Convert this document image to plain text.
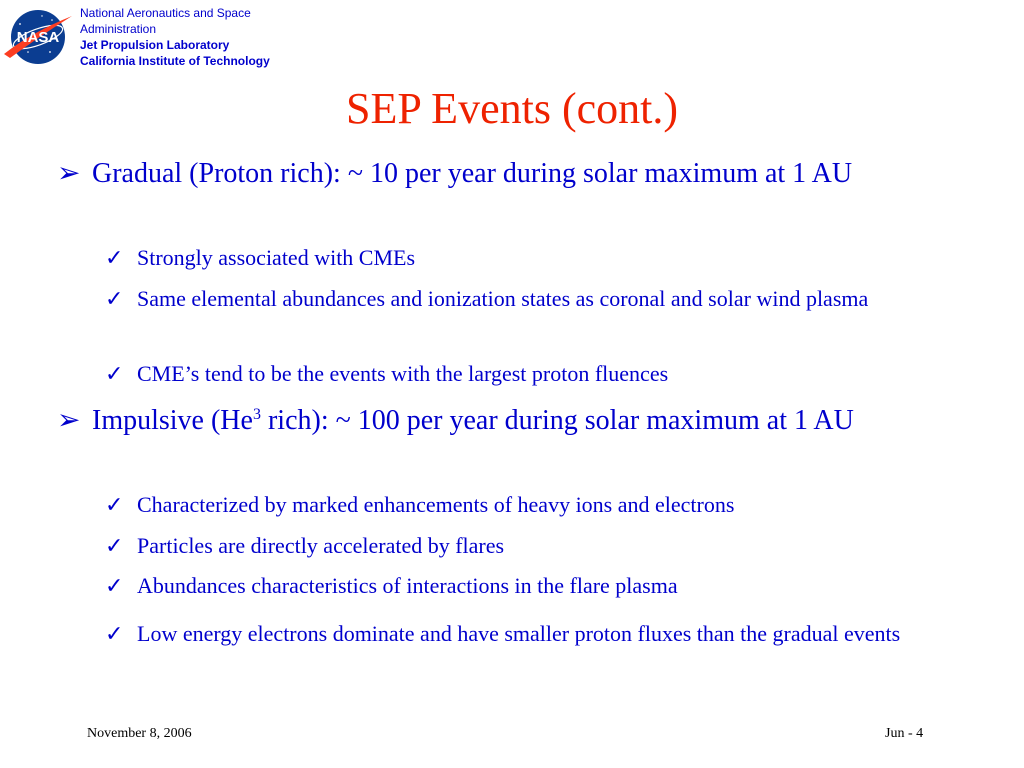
NASA
National Aeronautics and Space
Administration
Jet Propulsion Laboratory
California Institute of Technology
SEP Events (cont.)
➢ Gradual (Proton rich): ~ 10 per year during solar maximum at 1 AU
✓ Strongly associated with CMEs
✓ Same elemental abundances and ionization states as coronal and solar wind plasma
✓ CME’s tend to be the events with the largest proton fluences
➢ Impulsive (He$^3$ rich): ~ 100 per year during solar maximum at 1 AU
✓ Characterized by marked enhancements of heavy ions and electrons
✓ Particles are directly accelerated by flares
✓ Abundances characteristics of interactions in the flare plasma
✓ Low energy electrons dominate and have smaller proton fluxes than the gradual events
November 8, 2006	Jun - 4
